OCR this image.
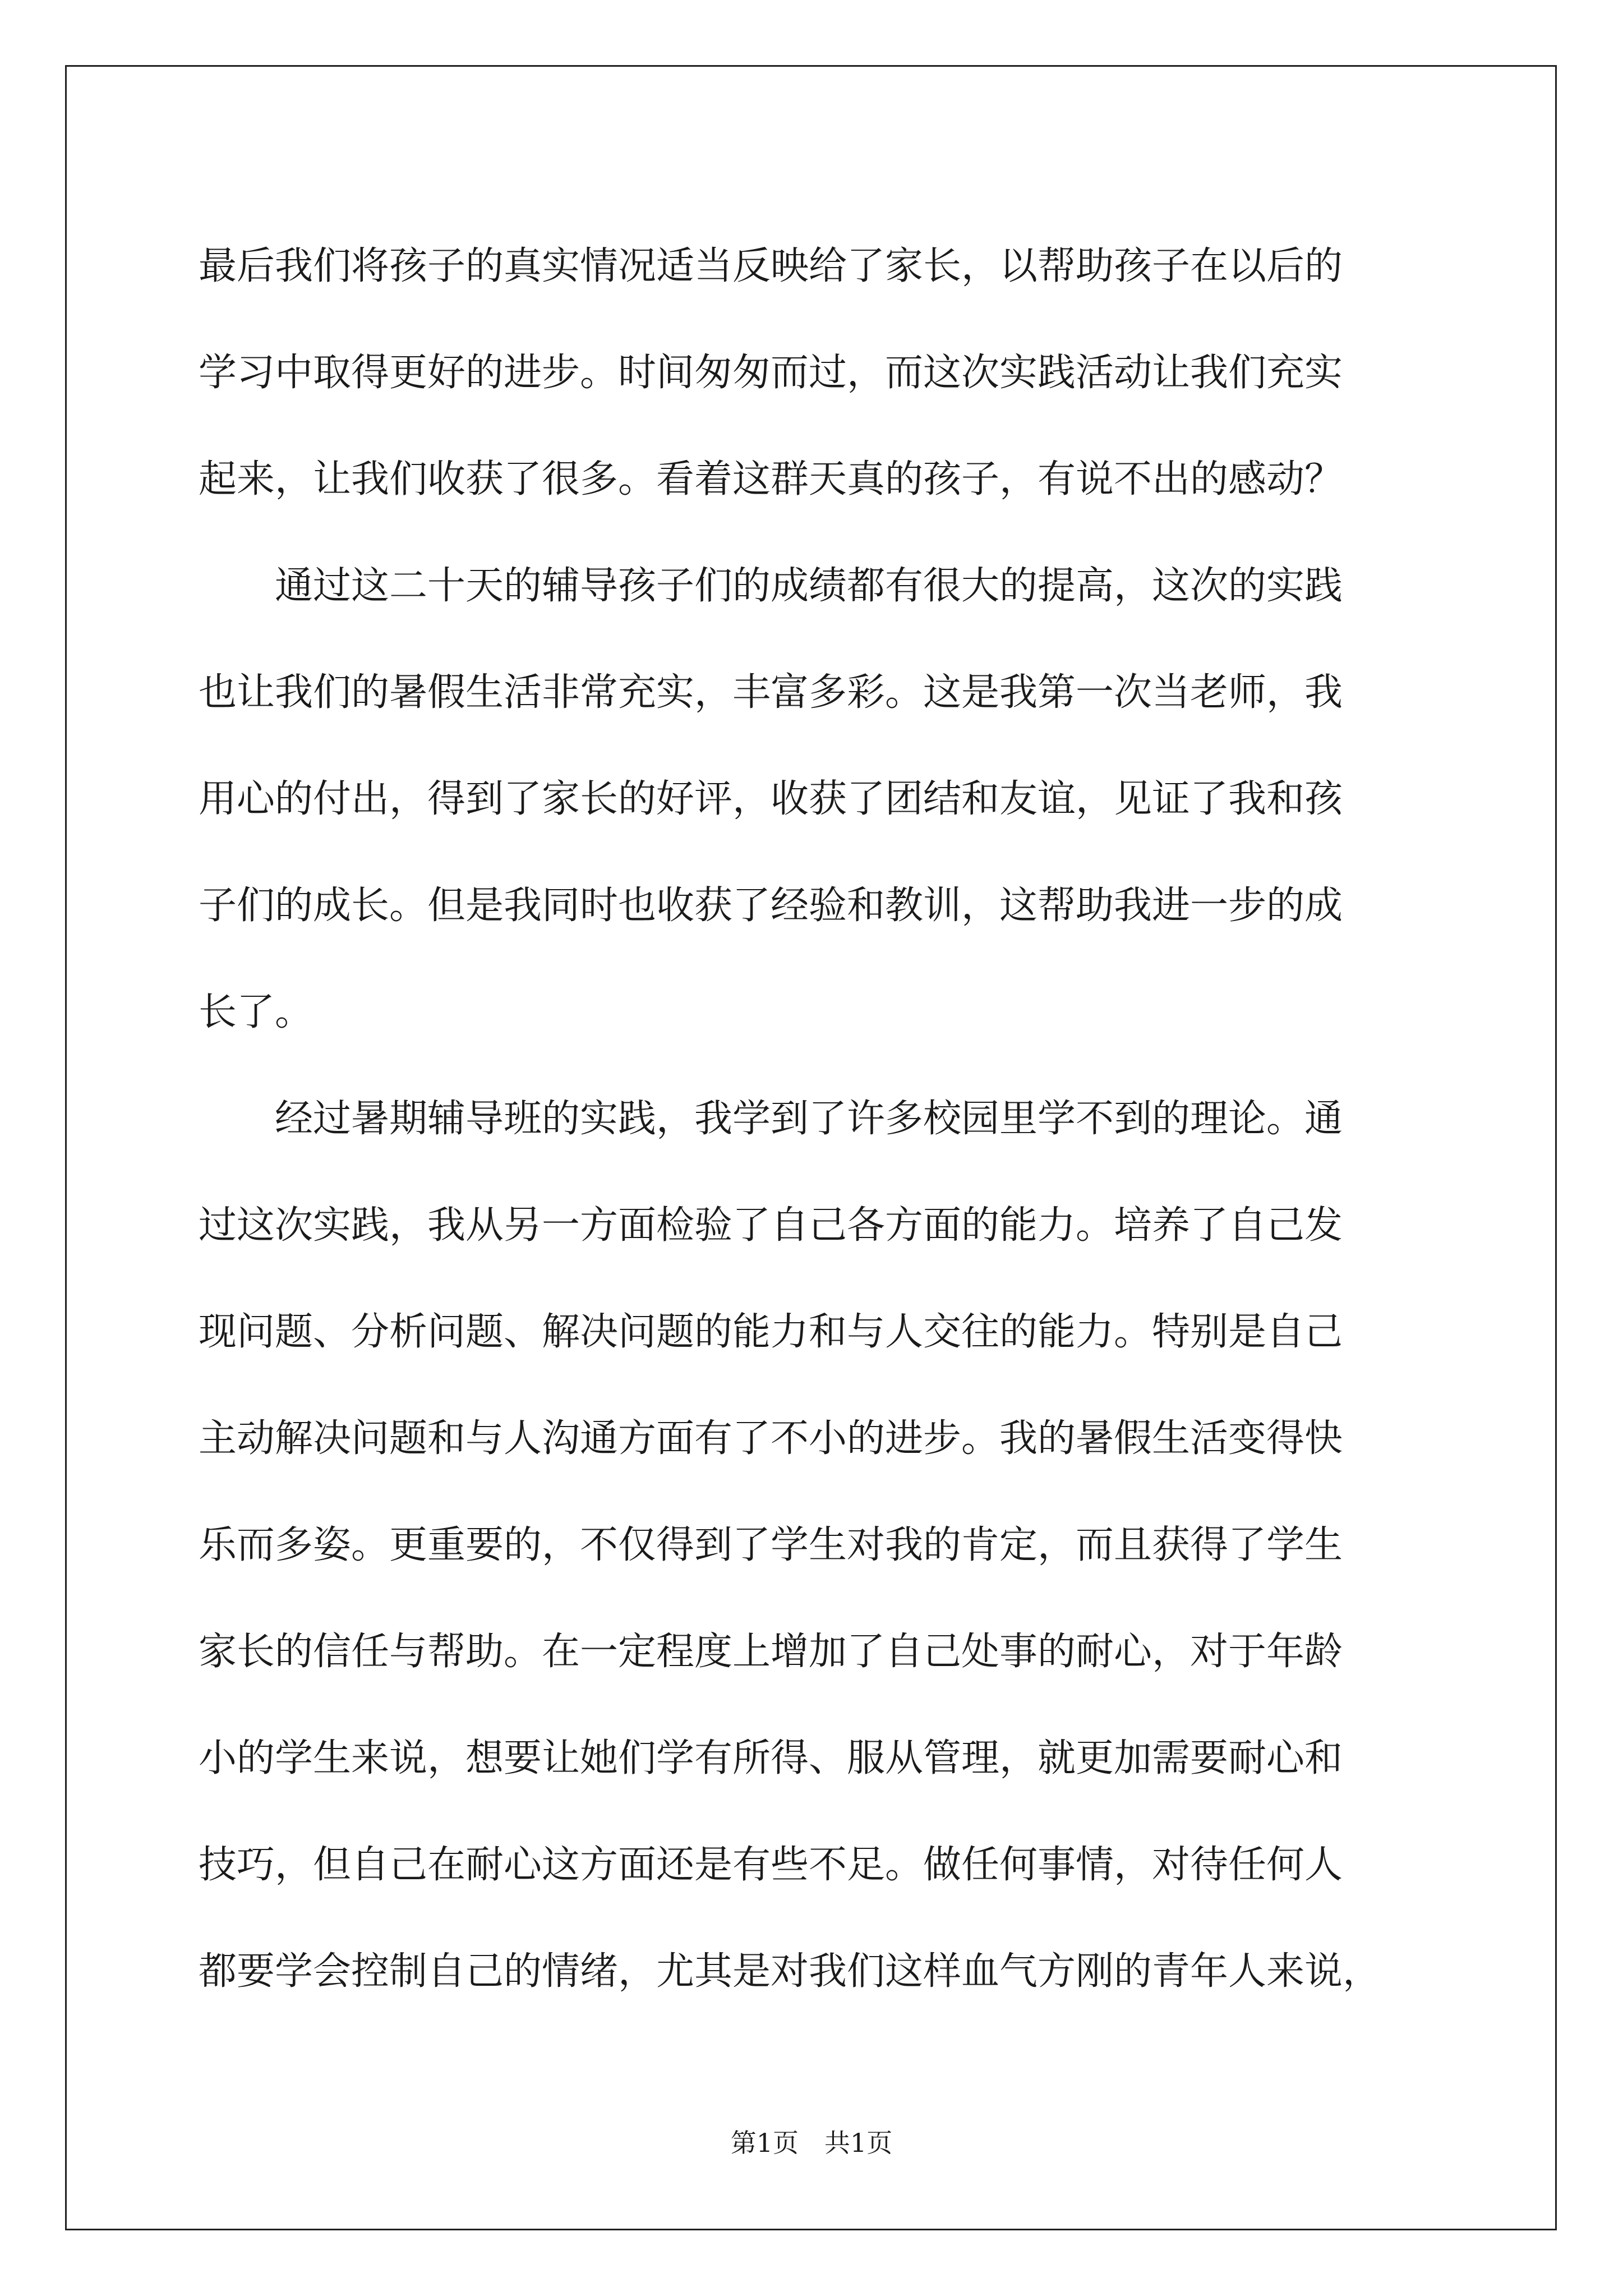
最后我们将孩子的真实情况适当反映给了家长，以帮助孩子在以后的
学习中取得更好的进步。时间匆匆而过，而这次实践活动让我们充实
起来，让我们收获了很多。看着这群天真的孩子，有说不出的感动？
　　通过这二十天的辅导孩子们的成绩都有很大的提高，这次的实践
也让我们的暑假生活非常充实，丰富多彩。这是我第一次当老师，我
用心的付出，得到了家长的好评，收获了团结和友谊，见证了我和孩
子们的成长。但是我同时也收获了经验和教训，这帮助我进一步的成
长了。
　　经过暑期辅导班的实践，我学到了许多校园里学不到的理论。通
过这次实践，我从另一方面检验了自己各方面的能力。培养了自己发
现问题、分析问题、解决问题的能力和与人交往的能力。特别是自己
主动解决问题和与人沟通方面有了不小的进步。我的暑假生活变得快
乐而多姿。更重要的，不仅得到了学生对我的肯定，而且获得了学生
家长的信任与帮助。在一定程度上增加了自己处事的耐心，对于年龄
小的学生来说，想要让她们学有所得、服从管理，就更加需要耐心和
技巧，但自己在耐心这方面还是有些不足。做任何事情，对待任何人
都要学会控制自己的情绪，尤其是对我们这样血气方刚的青年人来说，
第1页　共1页
